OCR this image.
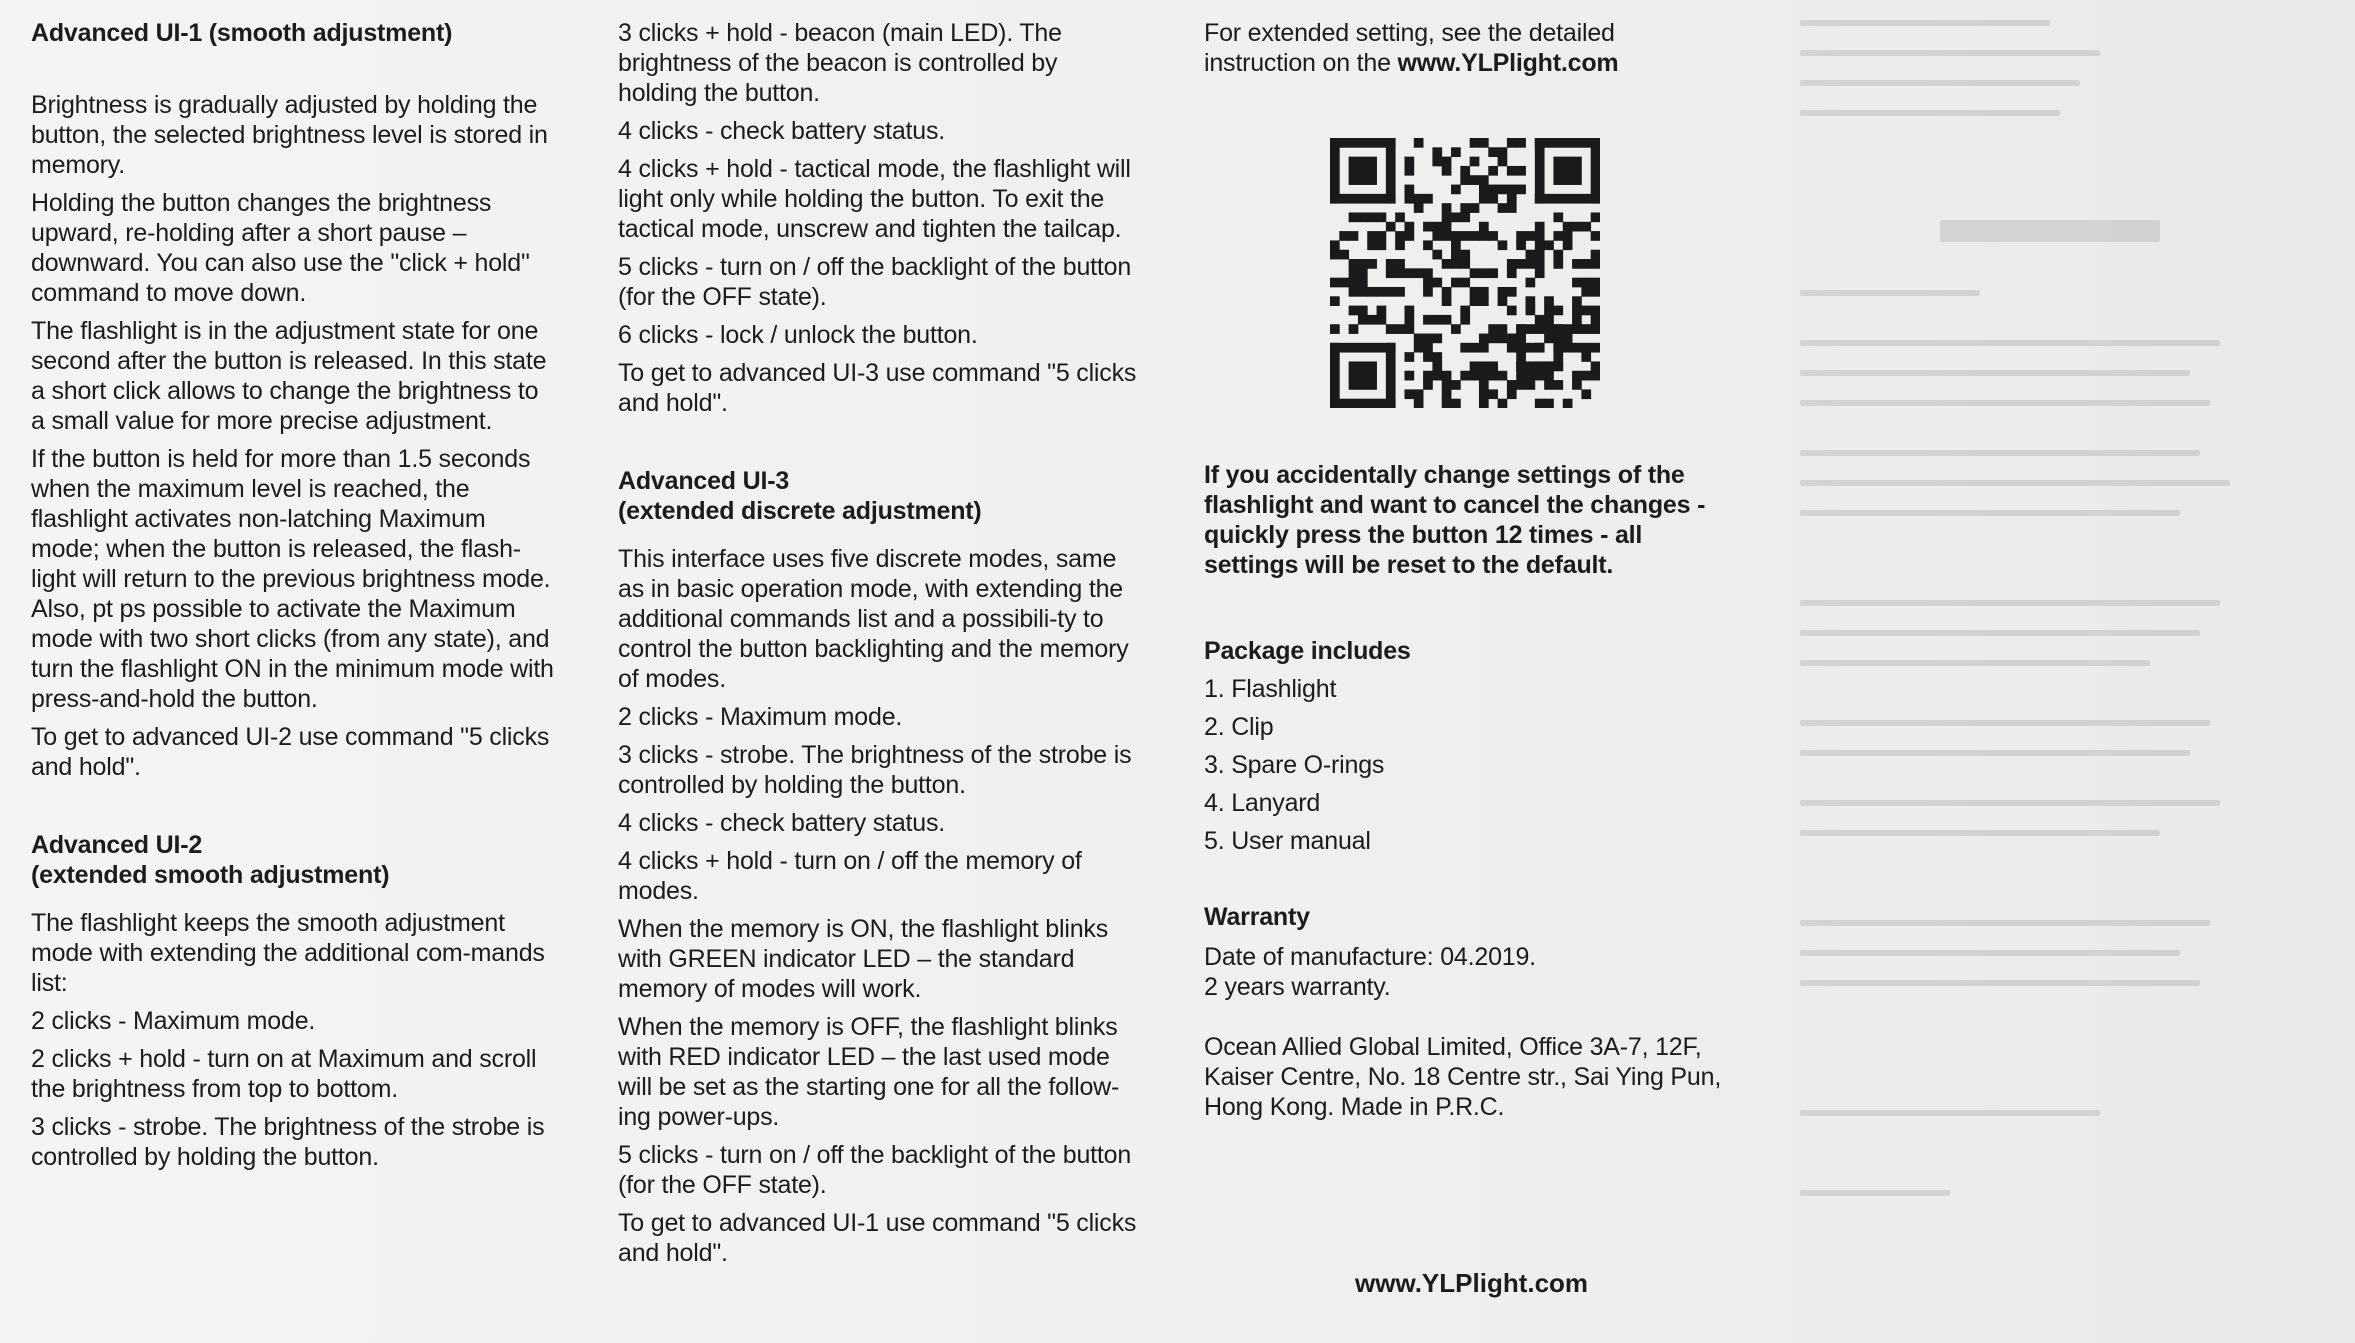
Advanced UI-1 (smooth adjustment)

Brightness is gradually adjusted by holding the button, the selected brightness level is stored in memory.

Holding the button changes the brightness upward, re-holding after a short pause – downward. You can also use the "click + hold" command to move down.

The flashlight is in the adjustment state for one second after the button is released. In this state a short click allows to change the brightness to a small value for more precise adjustment.

If the button is held for more than 1.5 seconds when the maximum level is reached, the flashlight activates non-latching Maximum mode; when the button is released, the flash-light will return to the previous brightness mode. Also, pt ps possible to activate the Maximum mode with two short clicks (from any state), and turn the flashlight ON in the minimum mode with press-and-hold the button.

To get to advanced UI-2 use command "5 clicks and hold".

Advanced UI-2
(extended smooth adjustment)

The flashlight keeps the smooth adjustment mode with extending the additional com-mands list:

2 clicks - Maximum mode.

2 clicks + hold - turn on at Maximum and scroll the brightness from top to bottom.

3 clicks - strobe. The brightness of the strobe is controlled by holding the button.

3 clicks + hold - beacon (main LED). The brightness of the beacon is controlled by holding the button.

4 clicks - check battery status.

4 clicks + hold - tactical mode, the flashlight will light only while holding the button. To exit the tactical mode, unscrew and tighten the tailcap.

5 clicks - turn on / off the backlight of the button (for the OFF state).

6 clicks - lock / unlock the button.

To get to advanced UI-3 use command "5 clicks and hold".

Advanced UI-3
(extended discrete adjustment)

This interface uses five discrete modes, same as in basic operation mode, with extending the additional commands list and a possibili-ty to control the button backlighting and the memory of modes.

2 clicks - Maximum mode.

3 clicks - strobe. The brightness of the strobe is controlled by holding the button.

4 clicks - check battery status.

4 clicks + hold - turn on / off the memory of modes.

When the memory is ON, the flashlight blinks with GREEN indicator LED – the standard memory of modes will work.

When the memory is OFF, the flashlight blinks with RED indicator LED – the last used mode will be set as the starting one for all the follow-ing power-ups.

5 clicks - turn on / off the backlight of the button (for the OFF state).

To get to advanced UI-1 use command "5 clicks and hold".

For extended setting, see the detailed instruction on the www.YLPlight.com

If you accidentally change settings of the flashlight and want to cancel the changes - quickly press the button 12 times - all settings will be reset to the default.

Package includes
1. Flashlight
2. Clip
3. Spare O-rings
4. Lanyard
5. User manual
Warranty
Date of manufacture: 04.2019.
2 years warranty.
Ocean Allied Global Limited, Office 3A-7, 12F, Kaiser Centre, No. 18 Centre str., Sai Ying Pun, Hong Kong. Made in P.R.C.
www.YLPlight.com
